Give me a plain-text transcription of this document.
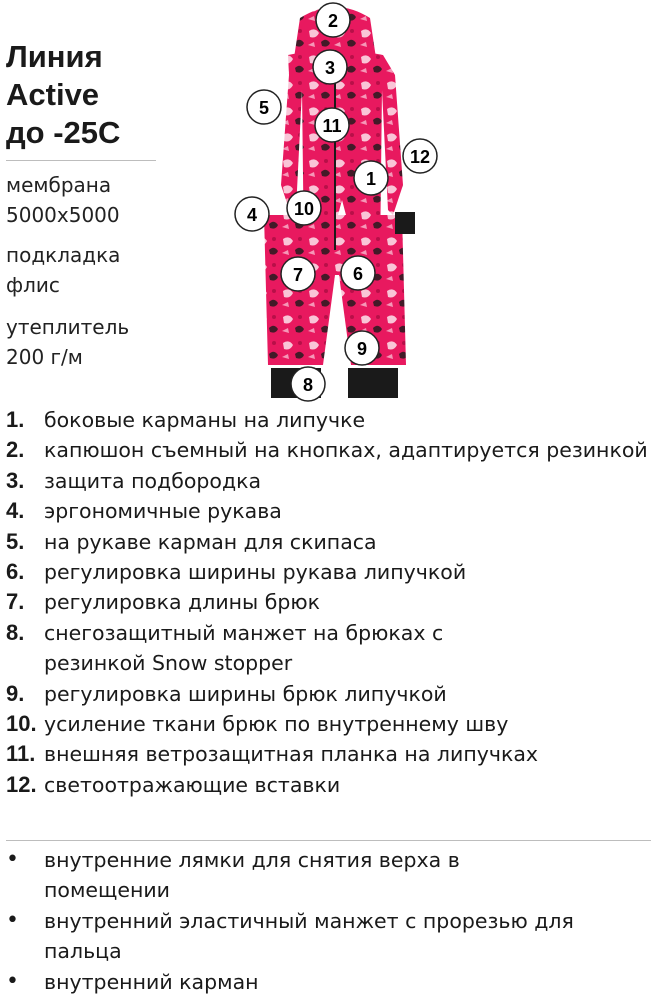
Линия
Active
до -25С
мембрана
5000x5000
подкладка
флис
утеплитель
200 г/м
2
3
5
11
12
1
4 10
7	6
9
8
1. боковые карманы на липучке
2. капюшон съемный на кнопках, адаптируется резинкой
3. защита подбородка
4. эргономичные рукава
5. на рукаве карман для скипаса
6. регулировка ширины рукава липучкой
7. регулировка длины брюк
8. снегозащитный манжет на брюках с резинкой Snow stopper
9. регулировка ширины брюк липучкой
10. усиление ткани брюк по внутреннему шву
11. внешняя ветрозащитная планка на липучках
12. светоотражающие вставки
•	внутренние лямки для снятия верха в помещении
•	внутренний эластичный манжет с прорезью для пальца
•	внутренний карман
